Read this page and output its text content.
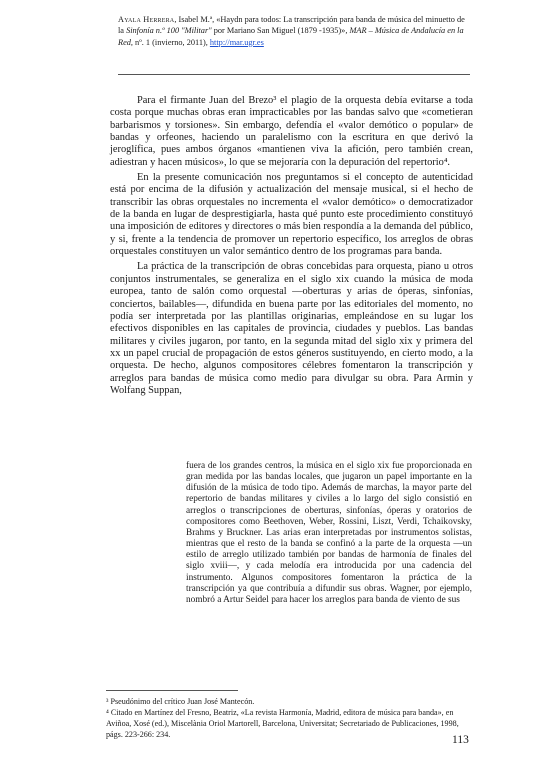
Ayala Herrera, Isabel M.ª, «Haydn para todos: La transcripción para banda de música del minuetto de la Sinfonía n.º 100 "Militar" por Mariano San Miguel (1879 -1935)», MAR – Música de Andalucía en la Red, nº. 1 (invierno, 2011), http://mar.ugr.es

Para el firmante Juan del Brezo³ el plagio de la orquesta debía evitarse a toda costa porque muchas obras eran impracticables por las bandas salvo que «cometieran barbarismos y torsiones». Sin embargo, defendía el «valor demótico o popular» de bandas y orfeones, haciendo un paralelismo con la escritura en que derivó la jeroglífica, pues ambos órganos «mantienen viva la afición, pero también crean, adiestran y hacen músicos», lo que se mejoraría con la depuración del repertorio⁴.

En la presente comunicación nos preguntamos si el concepto de autenticidad está por encima de la difusión y actualización del mensaje musical, si el hecho de transcribir las obras orquestales no incrementa el «valor demótico» o democratizador de la banda en lugar de desprestigiarla, hasta qué punto este procedimiento constituyó una imposición de editores y directores o más bien respondía a la demanda del público, y si, frente a la tendencia de promover un repertorio específico, los arreglos de obras orquestales constituyen un valor semántico dentro de los programas para banda.

La práctica de la transcripción de obras concebidas para orquesta, piano u otros conjuntos instrumentales, se generaliza en el siglo xix cuando la música de moda europea, tanto de salón como orquestal —oberturas y arias de óperas, sinfonías, conciertos, bailables—, difundida en buena parte por las editoriales del momento, no podía ser interpretada por las plantillas originarias, empleándose en su lugar los efectivos disponibles en las capitales de provincia, ciudades y pueblos. Las bandas militares y civiles jugaron, por tanto, en la segunda mitad del siglo xix y primera del xx un papel crucial de propagación de estos géneros sustituyendo, en cierto modo, a la orquesta. De hecho, algunos compositores célebres fomentaron la transcripción y arreglos para bandas de música como medio para divulgar su obra. Para Armin y Wolfang Suppan,

fuera de los grandes centros, la música en el siglo xix fue proporcionada en gran medida por las bandas locales, que jugaron un papel importante en la difusión de la música de todo tipo. Además de marchas, la mayor parte del repertorio de bandas militares y civiles a lo largo del siglo consistió en arreglos o transcripciones de oberturas, sinfonías, óperas y oratorios de compositores como Beethoven, Weber, Rossini, Liszt, Verdi, Tchaikovsky, Brahms y Bruckner. Las arias eran interpretadas por instrumentos solistas, mientras que el resto de la banda se confinó a la parte de la orquesta —un estilo de arreglo utilizado también por bandas de harmonía de finales del siglo xviii—, y cada melodía era introducida por una cadencia del instrumento. Algunos compositores fomentaron la práctica de la transcripción ya que contribuía a difundir sus obras. Wagner, por ejemplo, nombró a Artur Seidel para hacer los arreglos para banda de viento de sus

³ Pseudónimo del crítico Juan José Mantecón.

⁴ Citado en Martínez del Fresno, Beatriz, «La revista Harmonía, Madrid, editora de música para banda», en Aviñoa, Xosé (ed.), Miscelània Oriol Martorell, Barcelona, Universitat; Secretariado de Publicaciones, 1998, págs. 223-266: 234.	113
